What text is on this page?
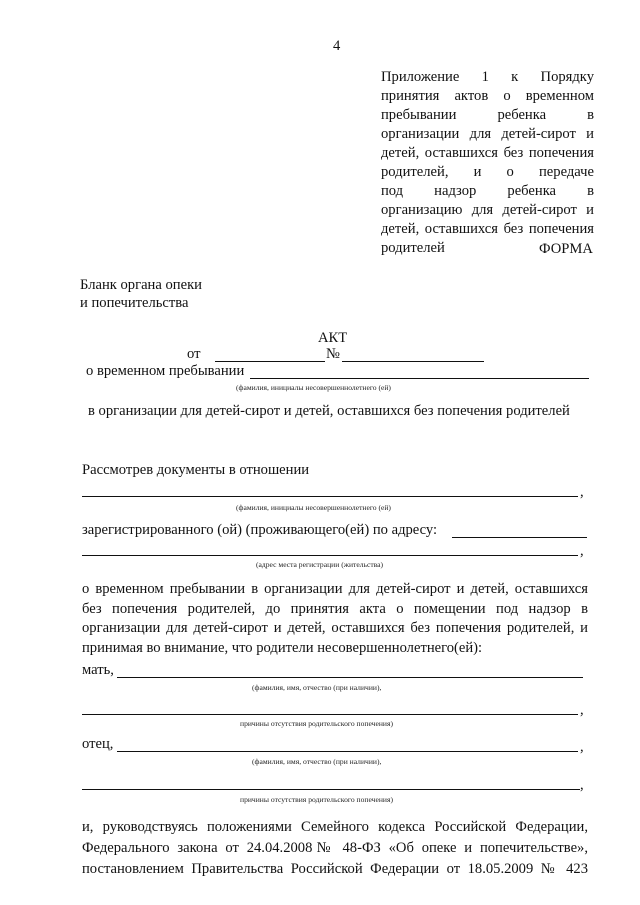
4
Приложение 1 к Порядку
принятия актов о временном
пребывании ребенка в
организации для детей-сирот и
детей, оставшихся без попечения
родителей, и о передаче
под надзор ребенка в
организацию для детей-сирот и
детей, оставшихся без попечения
родителей	ФОРМА
Бланк органа опеки
и попечительства
АКТ
от	№
о временном пребывании
(фамилия, инициалы несовершеннолетнего (ей)
в организации для детей-сирот и детей, оставшихся без попечения родителей
Рассмотрев документы в отношении
,
(фамилия, инициалы несовершеннолетнего (ей)
зарегистрированного (ой) (проживающего(ей) по адресу:
,
(адрес места регистрации (жительства)
о временном пребывании в организации для детей-сирот и детей, оставшихся
без попечения родителей, до принятия акта о помещении под надзор в
организации для детей-сирот и детей, оставшихся без попечения родителей, и
принимая во внимание, что родители несовершеннолетнего(ей):
мать,
(фамилия, имя, отчество (при наличии),
,
причины отсутствия родительского попечения)
отец,	,
(фамилия, имя, отчество (при наличии),
,
причины отсутствия родительского попечения)
и, руководствуясь положениями Семейного кодекса Российской Федерации,
Федерального закона от 24.04.2008№ 48-ФЗ «Об опеке и попечительстве»,
постановлением Правительства Российской Федерации от 18.05.2009 № 423
